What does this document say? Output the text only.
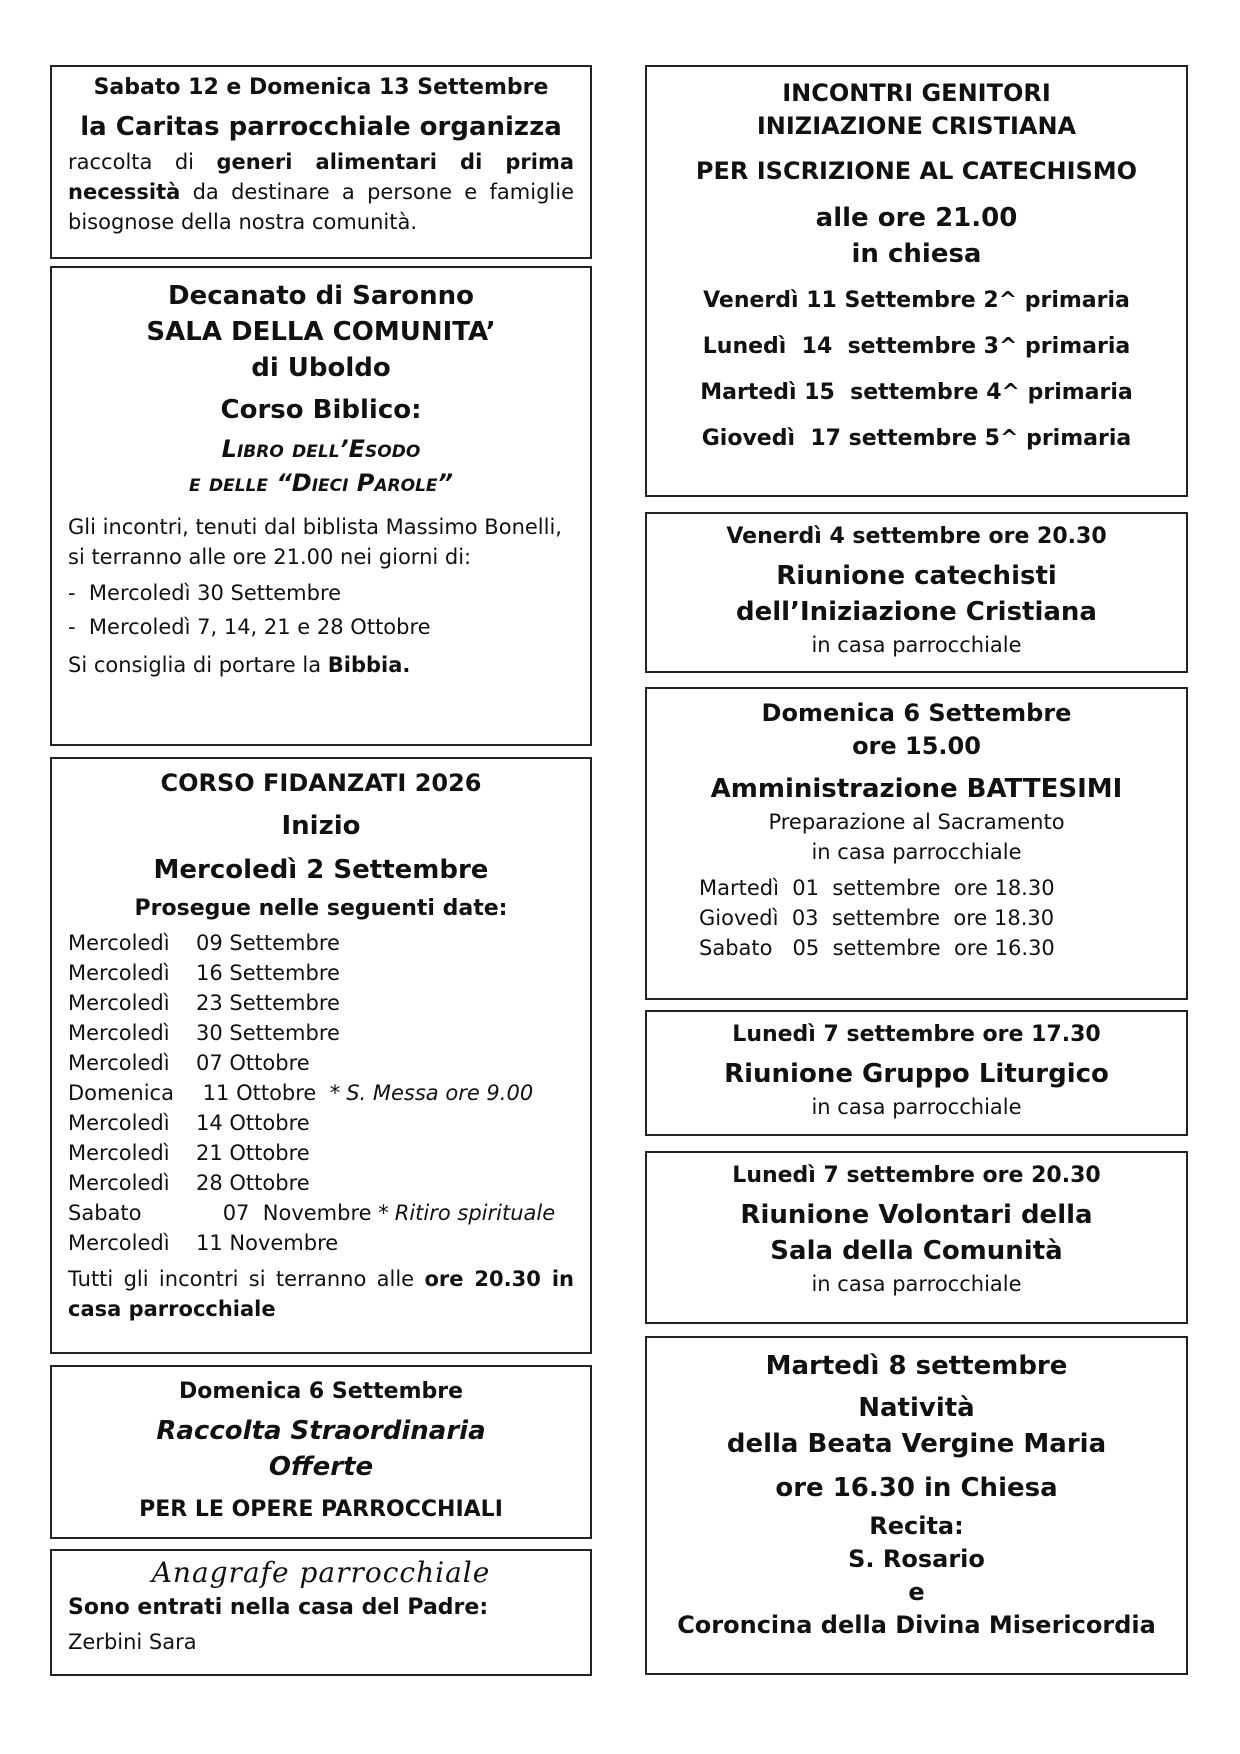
Sabato 12 e Domenica 13 Settembre
la Caritas parrocchiale organizza
raccolta di generi alimentari di prima necessità da destinare a persone e famiglie bisognose della nostra comunità.
Decanato di Saronno
SALA DELLA COMUNITA’
di Uboldo
Corso Biblico:
Libro dell’Esodo
e delle “Dieci Parole”
Gli incontri, tenuti dal biblista Massimo Bonelli, si terranno alle ore 21.00 nei giorni di:
-  Mercoledì 30 Settembre
-  Mercoledì 7, 14, 21 e 28 Ottobre
Si consiglia di portare la Bibbia.
CORSO FIDANZATI 2026
Inizio
Mercoledì 2 Settembre
Prosegue nelle seguenti date:
Mercoledì 09 Settembre
Mercoledì 16 Settembre
Mercoledì 23 Settembre
Mercoledì 30 Settembre
Mercoledì 07 Ottobre
Domenica 11 Ottobre  * S. Messa ore 9.00
Mercoledì 14 Ottobre
Mercoledì 21 Ottobre
Mercoledì 28 Ottobre
Sabato	07  Novembre * Ritiro spirituale
Mercoledì 11 Novembre
Tutti gli incontri si terranno alle ore 20.30 in casa parrocchiale
Domenica 6 Settembre
Raccolta Straordinaria
Offerte
PER LE OPERE PARROCCHIALI
Anagrafe parrocchiale
Sono entrati nella casa del Padre:
Zerbini Sara
INCONTRI GENITORI
INIZIAZIONE CRISTIANA
PER ISCRIZIONE AL CATECHISMO
alle ore 21.00
in chiesa
Venerdì 11 Settembre 2^ primaria
Lunedì  14  settembre 3^ primaria
Martedì 15  settembre 4^ primaria
Giovedì  17 settembre 5^ primaria
Venerdì 4 settembre ore 20.30
Riunione catechisti
dell’Iniziazione Cristiana
in casa parrocchiale
Domenica 6 Settembre
ore 15.00
Amministrazione BATTESIMI
Preparazione al Sacramento
in casa parrocchiale
Martedì  01  settembre  ore 18.30
Giovedì  03  settembre  ore 18.30
Sabato   05  settembre  ore 16.30
Lunedì 7 settembre ore 17.30
Riunione Gruppo Liturgico
in casa parrocchiale
Lunedì 7 settembre ore 20.30
Riunione Volontari della
Sala della Comunità
in casa parrocchiale
Martedì 8 settembre
Natività
della Beata Vergine Maria
ore 16.30 in Chiesa
Recita:
S. Rosario
e
Coroncina della Divina Misericordia
